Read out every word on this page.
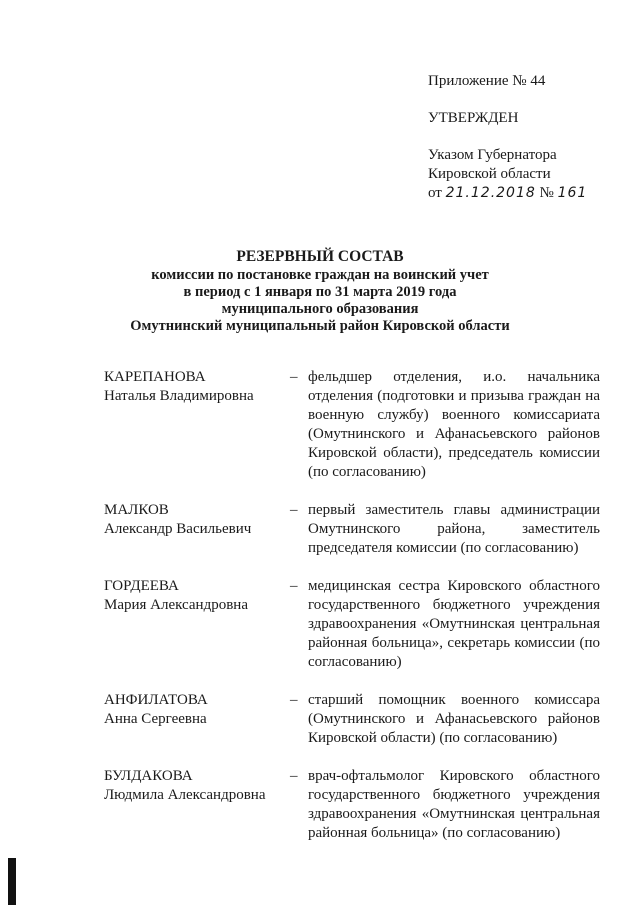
Приложение № 44
УТВЕРЖДЕН
Указом Губернатора
Кировской области
от 21.12.2018 № 161
РЕЗЕРВНЫЙ СОСТАВ
комиссии по постановке граждан на воинский учет
в период с 1 января по 31 марта 2019 года
муниципального образования
Омутнинский муниципальный район Кировской области
КАРЕПАНОВА
Наталья Владимировна
– фельдшер отделения, и.о. начальника отделения (подготовки и призыва граждан на военную службу) военного комиссариата (Омутнинского и Афанасьевского районов Кировской области), председатель комиссии (по согласованию)
МАЛКОВ
Александр Васильевич
– первый заместитель главы администрации Омутнинского района, заместитель председателя комиссии (по согласованию)
ГОРДЕЕВА
Мария Александровна
– медицинская сестра Кировского областного государственного бюджетного учреждения здравоохранения «Омутнинская центральная районная больница», секретарь комиссии (по согласованию)
АНФИЛАТОВА
Анна Сергеевна
– старший помощник военного комиссара (Омутнинского и Афанасьевского районов Кировской области) (по согласованию)
БУЛДАКОВА
Людмила Александровна
– врач-офтальмолог Кировского областного государственного бюджетного учреждения здравоохранения «Омутнинская центральная районная больница» (по согласованию)
